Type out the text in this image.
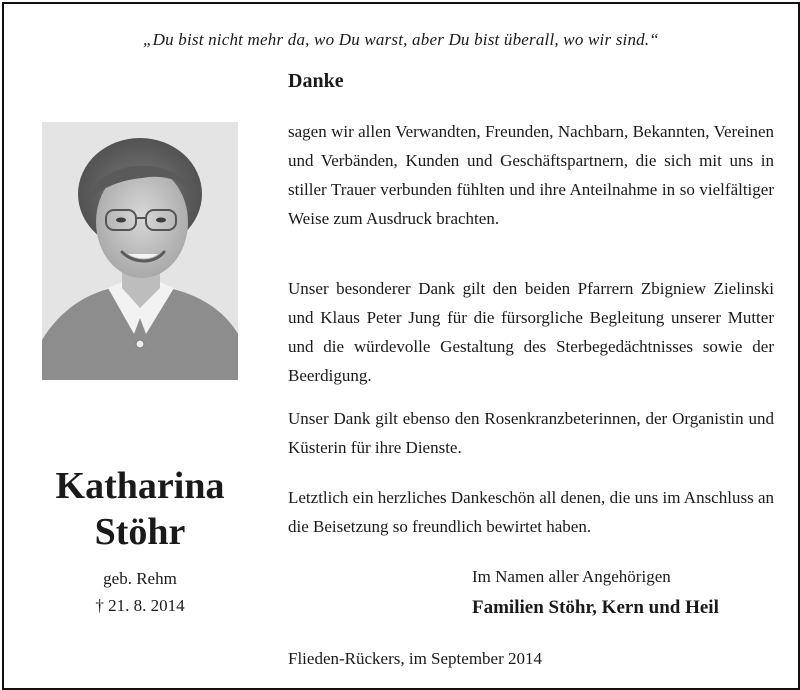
„Du bist nicht mehr da, wo Du warst, aber Du bist überall, wo wir sind.“
Danke
Katharina
Stöhr
geb. Rehm
† 21. 8. 2014
sagen wir allen Verwandten, Freunden, Nachbarn, Bekannten, Vereinen und Verbänden, Kunden und Geschäftspartnern, die sich mit uns in stiller Trauer verbunden fühlten und ihre Anteilnahme in so vielfältiger Weise zum Ausdruck brachten.
Unser besonderer Dank gilt den beiden Pfarrern Zbigniew Zielinski und Klaus Peter Jung für die fürsorgliche Begleitung unserer Mutter und die würdevolle Gestaltung des Sterbegedächtnisses sowie der Beerdigung.
Unser Dank gilt ebenso den Rosenkranzbeterinnen, der Organistin und Küsterin für ihre Dienste.
Letztlich ein herzliches Dankeschön all denen, die uns im Anschluss an die Beisetzung so freundlich bewirtet haben.
Im Namen aller Angehörigen
Familien Stöhr, Kern und Heil
Flieden-Rückers, im September 2014
